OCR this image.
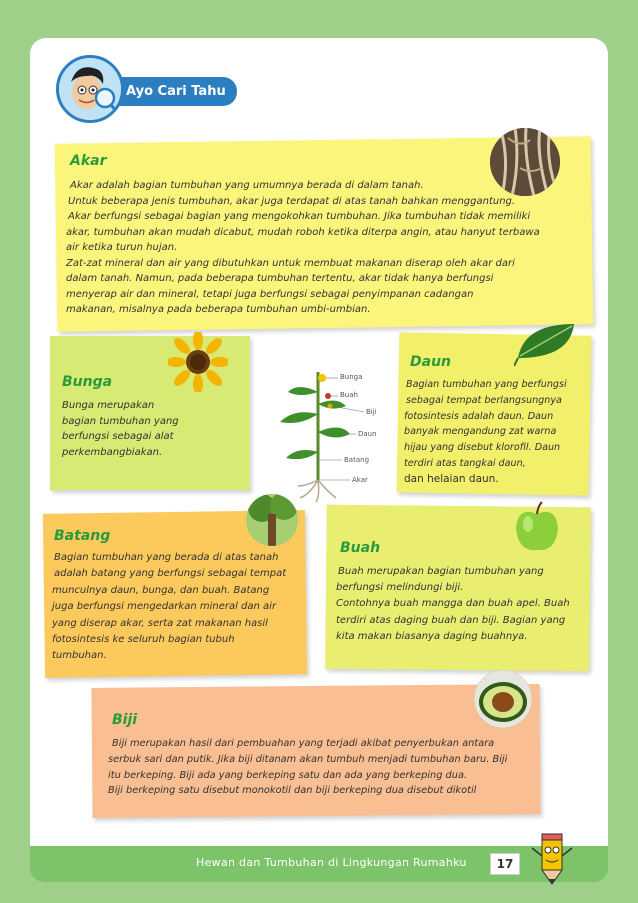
Ayo Cari Tahu
Akar
Akar adalah bagian tumbuhan yang umumnya berada di dalam tanah.
Untuk beberapa jenis tumbuhan, akar juga terdapat di atas tanah bahkan menggantung.
Akar berfungsi sebagai bagian yang mengokohkan tumbuhan. Jika tumbuhan tidak memiliki
akar, tumbuhan akan mudah dicabut, mudah roboh ketika diterpa angin, atau hanyut terbawa
air ketika turun hujan.
Zat-zat mineral dan air yang dibutuhkan untuk membuat makanan diserap oleh akar dari
dalam tanah. Namun, pada beberapa tumbuhan tertentu, akar tidak hanya berfungsi
menyerap air dan mineral, tetapi juga berfungsi sebagai penyimpanan cadangan
makanan, misalnya pada beberapa tumbuhan umbi-umbian.
Bunga
Bunga merupakan
bagian tumbuhan yang
berfungsi sebagai alat
perkembangbiakan.
Bunga
Buah
Biji
Daun
Batang
Akar
Daun
Bagian tumbuhan yang berfungsi
sebagai tempat berlangsungnya
fotosintesis adalah daun. Daun
banyak mengandung zat warna
hijau yang disebut klorofil. Daun
terdiri atas tangkai daun,
dan helaian daun.
Batang
Bagian tumbuhan yang berada di atas tanah
adalah batang yang berfungsi sebagai tempat
munculnya daun, bunga, dan buah. Batang
juga berfungsi mengedarkan mineral dan air
yang diserap akar, serta zat makanan hasil
fotosintesis ke seluruh bagian tubuh
tumbuhan.
Buah
Buah merupakan bagian tumbuhan yang
berfungsi melindungi biji.
Contohnya buah mangga dan buah apel. Buah
terdiri atas daging buah dan biji. Bagian yang
kita makan biasanya daging buahnya.
Biji
Biji merupakan hasil dari pembuahan yang terjadi akibat penyerbukan antara
serbuk sari dan putik. Jika biji ditanam akan tumbuh menjadi tumbuhan baru. Biji
itu berkeping. Biji ada yang berkeping satu dan ada yang berkeping dua.
Biji berkeping satu disebut monokotil dan biji berkeping dua disebut dikotil
Hewan dan Tumbuhan di Lingkungan Rumahku	17
